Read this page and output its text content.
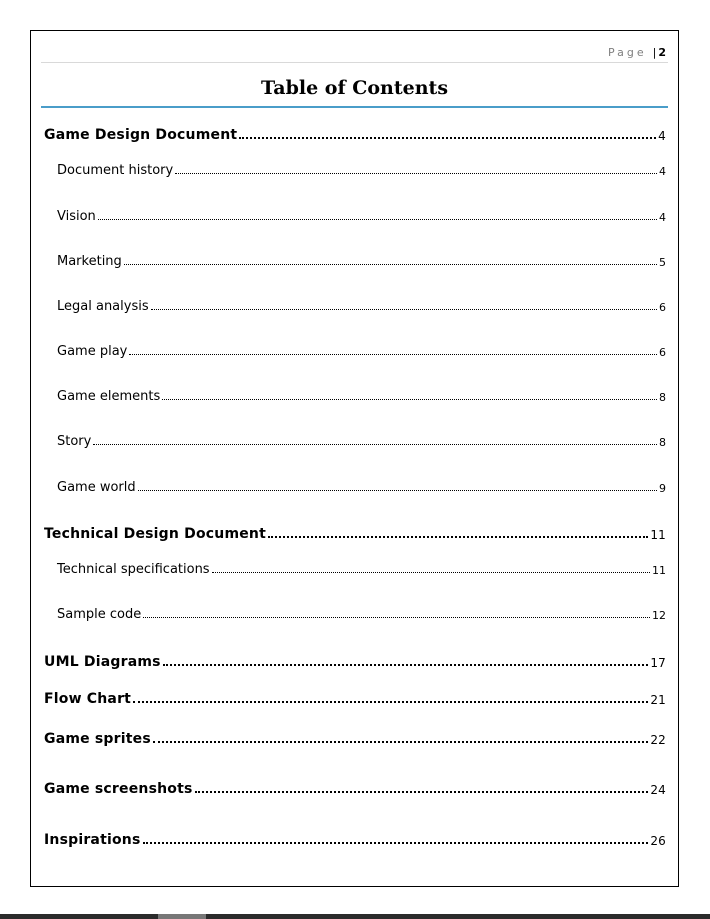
Page | 2
Table of Contents
Game Design Document	4
Document history	4
Vision	4
Marketing	5
Legal analysis	6
Game play	6
Game elements	8
Story	8
Game world	9
Technical Design Document	11
Technical specifications	11
Sample code	12
UML Diagrams	17
Flow Chart	21
Game sprites	22
Game screenshots	24
Inspirations	26
